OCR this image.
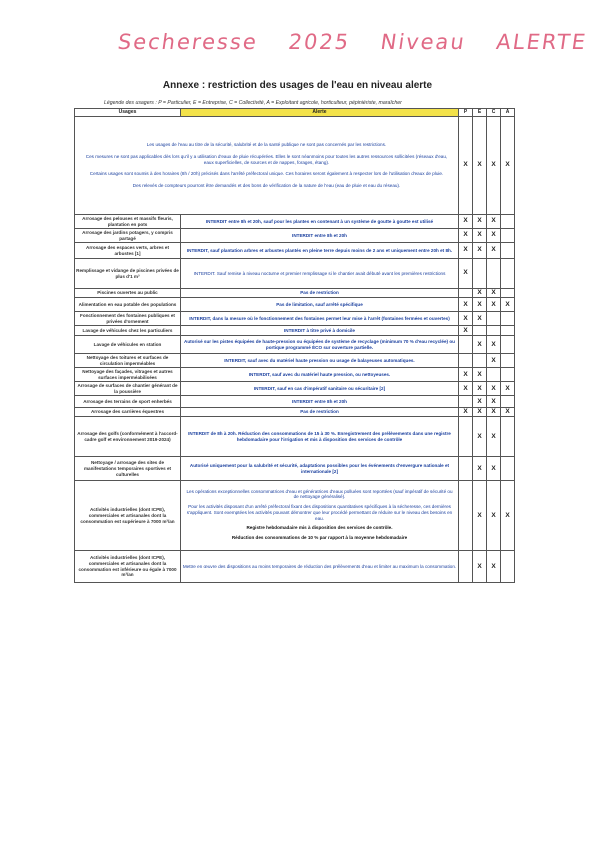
Secheresse 2025 Niveau ALERTE
Annexe : restriction des usages de l'eau en niveau alerte
Légende des usagers : P = Particulier, E = Entreprise, C = Collectivité, A = Exploitant agricole, horticulteur, pépiniériste, maraîcher
Usages	Alerte	P	E	C	A

Les usages de l'eau au titre de la sécurité, salubrité et de la santé publique ne sont pas concernés par les restrictions.

Ces mesures ne sont pas applicables dès lors qu'il y a utilisation d'eaux de pluie récupérées. Elles le sont néanmoins pour toutes les autres ressources sollicitées (réseaux d'eau, eaux superficielles, de sources et de nappes, forages, étang).

Certains usages sont soumis à des horaires (8h / 20h) précisés dans l'arrêté préfectoral unique. Ces horaires seront également à respecter lors de l'utilisation d'eaux de pluie.

Des relevés de compteurs pourront être demandés et des bons de vérification de la nature de l'eau (eau de pluie et eau du réseau).		X	X	X	X
Arrosage des pelouses et massifs fleuris, plantation en pots	INTERDIT entre 8h et 20h, sauf pour les plantes en contenant à un système de goutte à goutte est utilisé	X	X	X	
Arrosage des jardins potagers, y compris partagé	INTERDIT entre 8h et 20h	X	X	X	
Arrosage des espaces verts, arbres et arbustes [1]	INTERDIT, sauf plantation arbres et arbustes plantés en pleine terre depuis moins de 2 ans et uniquement entre 20h et 8h.	X	X	X	
Remplissage et vidange de piscines privées de plus d'1 m³	INTERDIT. Sauf remise à niveau nocturne et premier remplissage si le chantier avait débuté avant les premières restrictions	X			
Piscines ouvertes au public	Pas de restriction		X	X	
Alimentation en eau potable des populations	Pas de limitation, sauf arrêté spécifique	X	X	X	X
Fonctionnement des fontaines publiques et privées d'ornement	INTERDIT, dans la mesure où le fonctionnement des fontaines permet leur mise à l'arrêt (fontaines fermées et ouvertes)	X	X		
Lavage de véhicules chez les particuliers	INTERDIT à titre privé à domicile	X			
Lavage de véhicules en station	Autorisé sur les pistes équipées de haute-pression ou équipées de système de recyclage (minimum 70 % d'eau recyclée) ou portique programmé ÉCO sur ouverture partielle.		X	X	
Nettoyage des toitures et surfaces de circulation imperméables	INTERDIT, sauf avec du matériel haute pression ou usage de balayeuses automatiques.			X	
Nettoyage des façades, vitrages et autres surfaces imperméabilisées	INTERDIT, sauf avec du matériel haute pression, ou nettoyeuses.	X	X		
Arrosage de surfaces de chantier générant de la poussière	INTERDIT, sauf en cas d'impératif sanitaire ou sécuritaire [2]	X	X	X	X
Arrosage des terrains de sport enherbés	INTERDIT entre 8h et 20h		X	X	
Arrosage des carrières équestres	Pas de restriction	X	X	X	X
Arrosage des golfs (conformément à l'accord-cadre golf et environnement 2019-2024)	INTERDIT de 8h à 20h. Réduction des consommations de 15 à 30 %. Enregistrement des prélèvements dans une registre hebdomadaire pour l'irrigation et mis à disposition des services de contrôle		X	X	
Nettoyage / arrosage des sites de manifestations temporaires sportives et culturelles	Autorisé uniquement pour la salubrité et sécurité, adaptations possibles pour les événements d'envergure nationale et internationale [2]		X	X	
Activités industrielles (dont ICPE), commerciales et artisanales dont la consommation est supérieure à 7000 m³/an	Les opérations exceptionnelles consommatrices d'eau et génératrices d'eaux polluées sont reportées (sauf impératif de sécurité ou de nettoyage généralisé).

Pour les activités disposant d'un arrêté préfectoral fixant des dispositions quantitatives spécifiques à la sécheresse, ces dernières s'appliquent. Sont exemptées les activités pouvant démontrer que leur procédé permettant de réduire sur le niveau des besoins en eau.

Registre hebdomadaire mis à disposition des services de contrôle.

Réduction des consommations de 10 % par rapport à la moyenne hebdomadaire		X	X	X
Activités industrielles (dont ICPE), commerciales et artisanales dont la consommation est inférieure ou égale à 7000 m³/an	Mettre en œuvre des dispositions au moins temporaires de réduction des prélèvements d'eau et limiter au maximum la consommation.		X	X	
